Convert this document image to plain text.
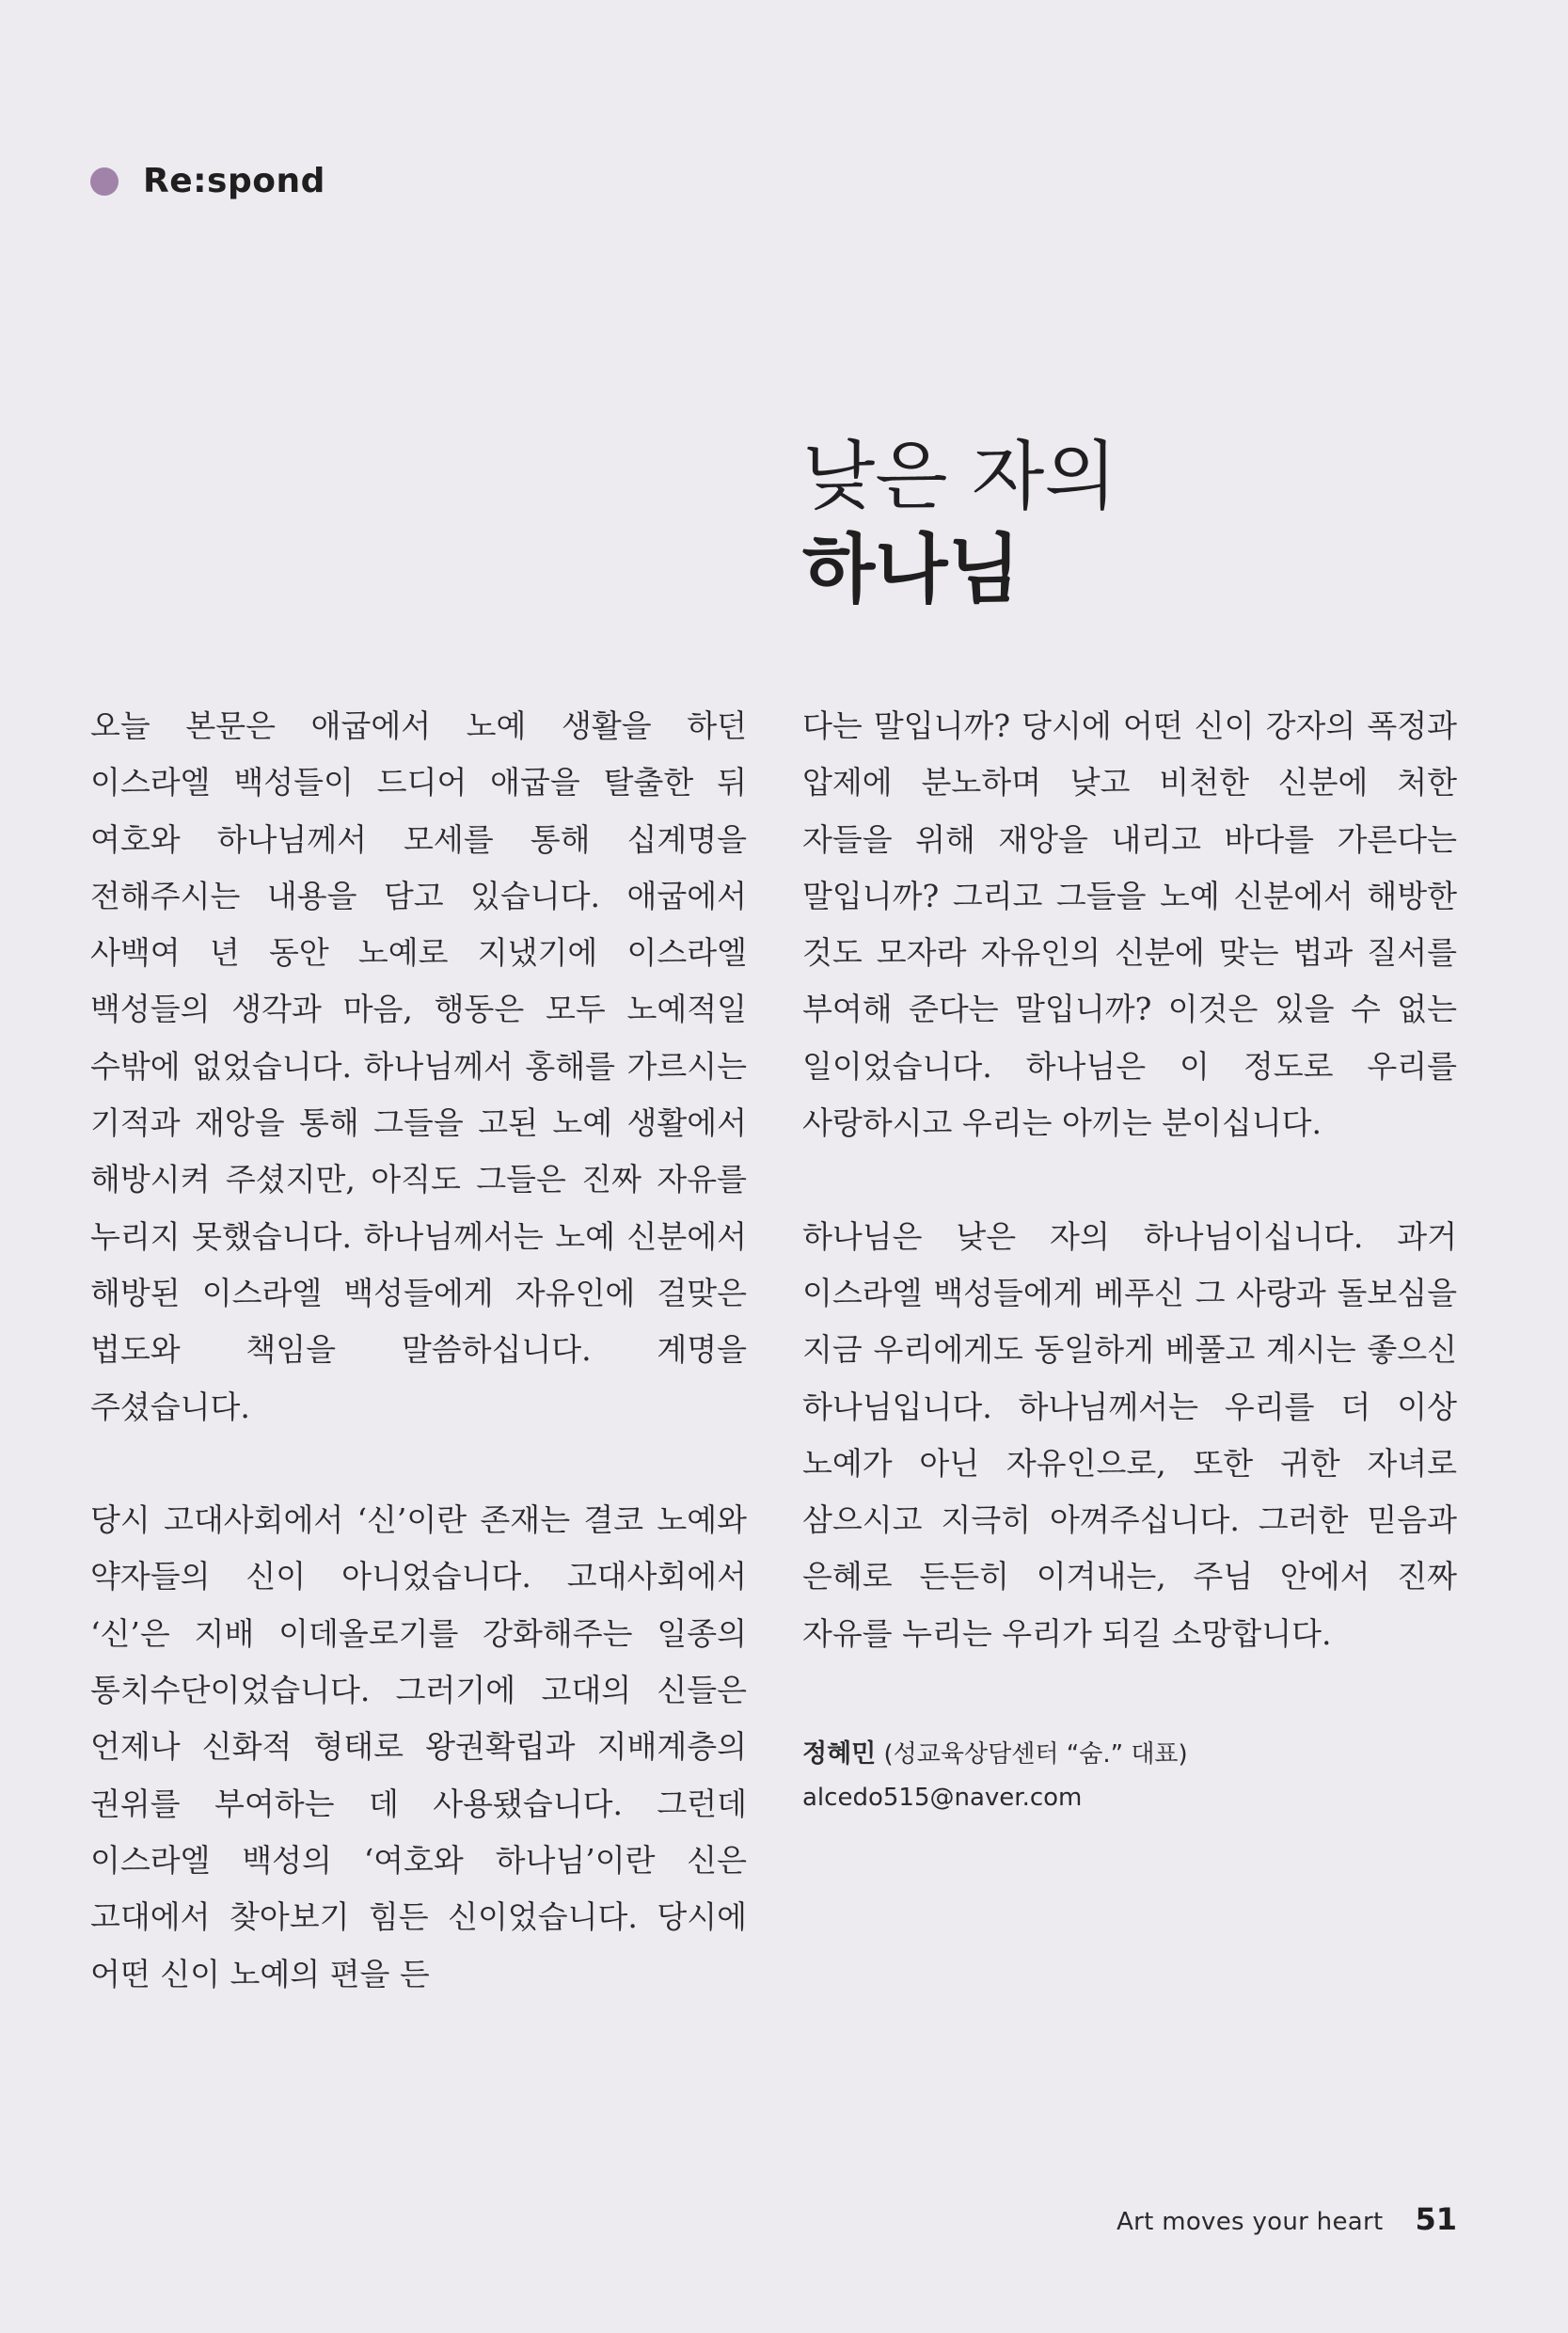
Re:spond
낮은 자의
하나님

오늘 본문은 애굽에서 노예 생활을 하던 이스라엘 백성들이 드디어 애굽을 탈출한 뒤 여호와 하나님께서 모세를 통해 십계명을 전해주시는 내용을 담고 있습니다. 애굽에서 사백여 년 동안 노예로 지냈기에 이스라엘 백성들의 생각과 마음, 행동은 모두 노예적일 수밖에 없었습니다. 하나님께서 홍해를 가르시는 기적과 재앙을 통해 그들을 고된 노예 생활에서 해방시켜 주셨지만, 아직도 그들은 진짜 자유를 누리지 못했습니다. 하나님께서는 노예 신분에서 해방된 이스라엘 백성들에게 자유인에 걸맞은 법도와 책임을 말씀하십니다. 계명을 주셨습니다.

당시 고대사회에서 ‘신’이란 존재는 결코 노예와 약자들의 신이 아니었습니다. 고대사회에서 ‘신’은 지배 이데올로기를 강화해주는 일종의 통치수단이었습니다. 그러기에 고대의 신들은 언제나 신화적 형태로 왕권확립과 지배계층의 권위를 부여하는 데 사용됐습니다. 그런데 이스라엘 백성의 ‘여호와 하나님’이란 신은 고대에서 찾아보기 힘든 신이었습니다. 당시에 어떤 신이 노예의 편을 든

다는 말입니까? 당시에 어떤 신이 강자의 폭정과 압제에 분노하며 낮고 비천한 신분에 처한 자들을 위해 재앙을 내리고 바다를 가른다는 말입니까? 그리고 그들을 노예 신분에서 해방한 것도 모자라 자유인의 신분에 맞는 법과 질서를 부여해 준다는 말입니까? 이것은 있을 수 없는 일이었습니다. 하나님은 이 정도로 우리를 사랑하시고 우리는 아끼는 분이십니다.

하나님은 낮은 자의 하나님이십니다. 과거 이스라엘 백성들에게 베푸신 그 사랑과 돌보심을 지금 우리에게도 동일하게 베풀고 계시는 좋으신 하나님입니다. 하나님께서는 우리를 더 이상 노예가 아닌 자유인으로, 또한 귀한 자녀로 삼으시고 지극히 아껴주십니다. 그러한 믿음과 은혜로 든든히 이겨내는, 주님 안에서 진짜 자유를 누리는 우리가 되길 소망합니다.

정혜민 (성교육상담센터 “숨.” 대표)
alcedo515@naver.com
Art moves your heart 51
